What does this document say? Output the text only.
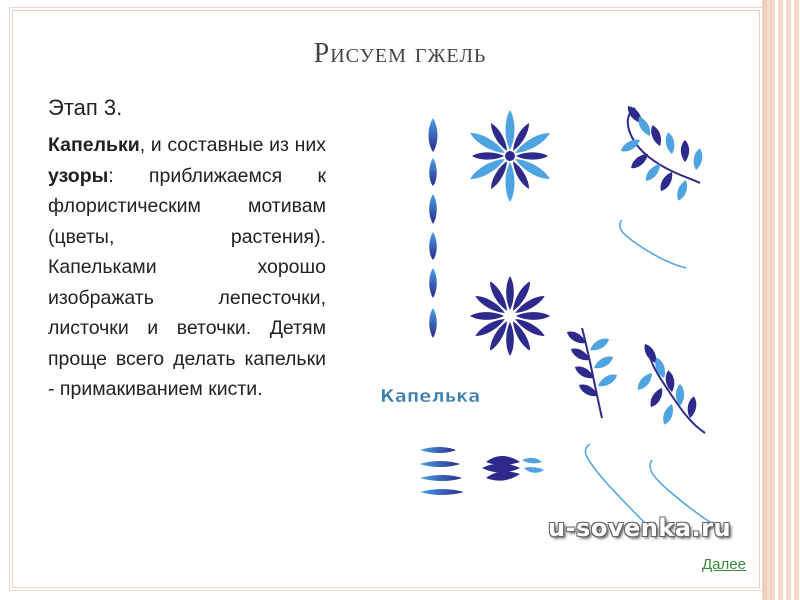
Рисуем гжель
Этап 3.
Капельки, и составные из них узоры: приближаемся к флористическим мотивам (цветы, растения). Капельками хорошо изображать лепесточки, листочки и веточки. Детям проще всего делать капельки - примакиванием кисти.	Капелька
u-sovenka.ru
Далее
